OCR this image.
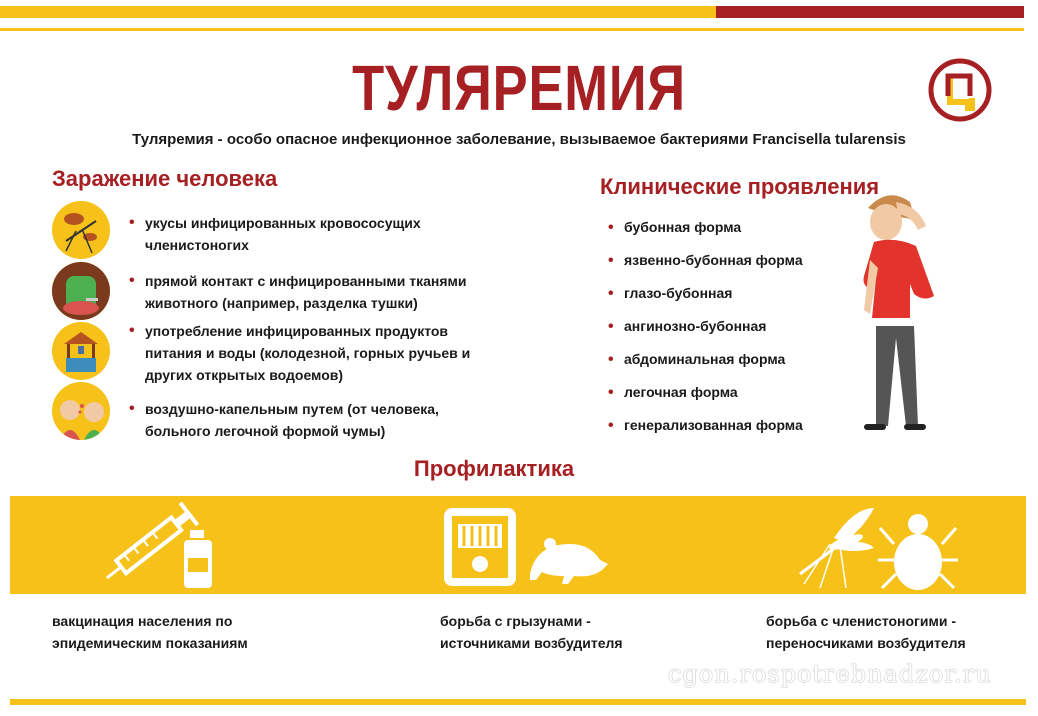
ТУЛЯРЕМИЯ
Туляремия - особо опасное инфекционное заболевание, вызываемое бактериями Francisella tularensis
Заражение человека
• укусы инфицированных кровососущих членистоногих
• прямой контакт с инфицированными тканями животного (например, разделка тушки)
• употребление инфицированных продуктов питания и воды (колодезной, горных ручьев и других открытых водоемов)
• воздушно-капельным путем (от человека, больного легочной формой чумы)
Клинические проявления
• бубонная форма
• язвенно-бубонная форма
• глазо-бубонная
• ангинозно-бубонная
• абдоминальная форма
• легочная форма
• генерализованная форма
Профилактика
вакцинация населения по
эпидемическим показаниям
борьба с грызунами -
источниками возбудителя
борьба с членистоногими -
переносчиками возбудителя
cgon.rospotrebnadzor.ru
